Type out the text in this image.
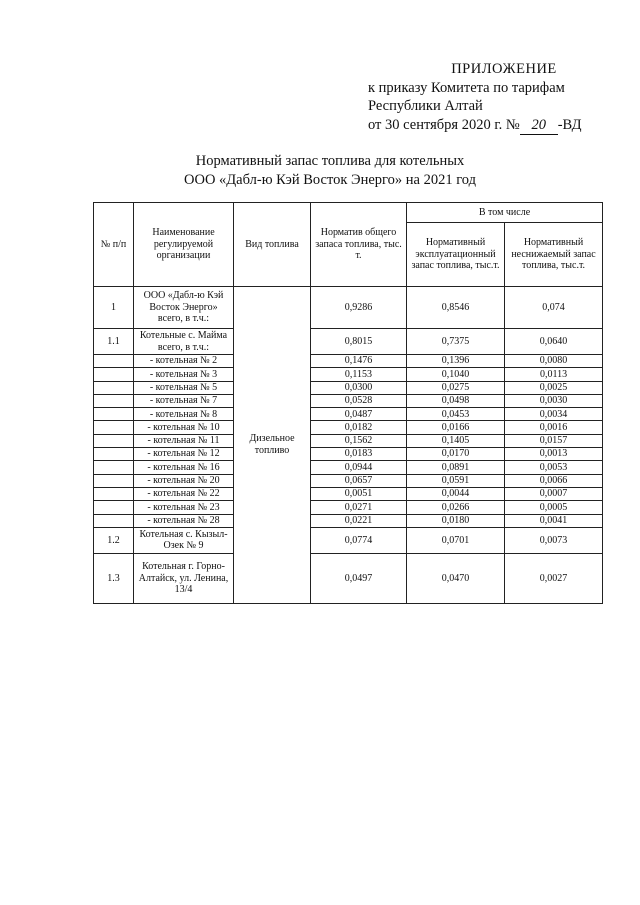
ПРИЛОЖЕНИЕ
к приказу Комитета по тарифам
Республики Алтай
от 30 сентября 2020 г. № 20 -ВД
Нормативный запас топлива для котельных
ООО «Дабл-ю Кэй Восток Энерго» на 2021 год
№ п/п	Наименование регулируемой организации	Вид топлива	Норматив общего запаса топлива, тыс. т.	В том числе	
				Нормативный эксплуатационный запас топлива, тыс.т.	Нормативный неснижаемый запас топлива, тыс.т.
1	ООО «Дабл-ю Кэй Восток Энерго» всего, в т.ч.:	Дизельное топливо	0,9286	0,8546	0,074
1.1	Котельные с. Майма всего, в т.ч.:		0,8015	0,7375	0,0640
	- котельная № 2		0,1476	0,1396	0,0080
	- котельная № 3		0,1153	0,1040	0,0113
	- котельная № 5		0,0300	0,0275	0,0025
	- котельная № 7		0,0528	0,0498	0,0030
	- котельная № 8		0,0487	0,0453	0,0034
	- котельная № 10		0,0182	0,0166	0,0016
	- котельная № 11		0,1562	0,1405	0,0157
	- котельная № 12		0,0183	0,0170	0,0013
	- котельная № 16		0,0944	0,0891	0,0053
	- котельная № 20		0,0657	0,0591	0,0066
	- котельная № 22		0,0051	0,0044	0,0007
	- котельная № 23		0,0271	0,0266	0,0005
	- котельная № 28		0,0221	0,0180	0,0041
1.2	Котельная с. Кызыл-Озек № 9		0,0774	0,0701	0,0073
1.3	Котельная г. Горно-Алтайск, ул. Ленина, 13/4		0,0497	0,0470	0,0027
